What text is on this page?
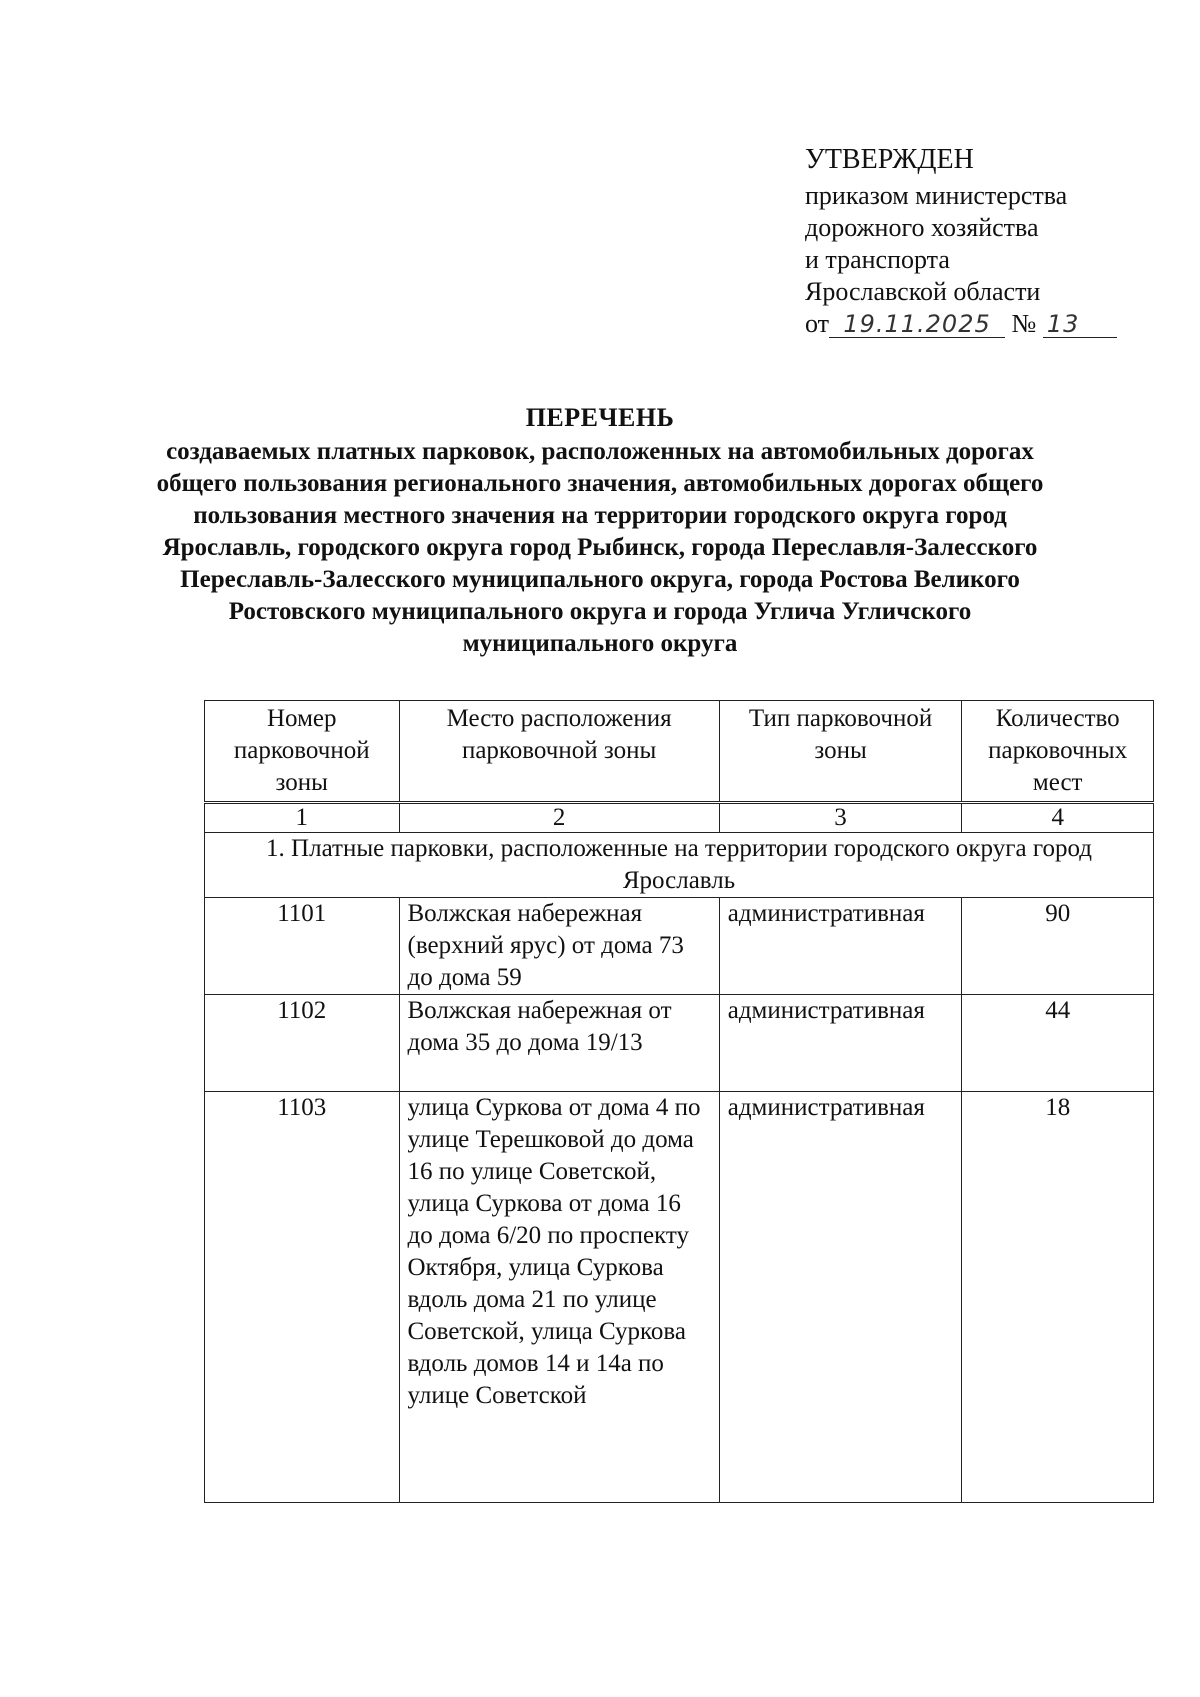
УТВЕРЖДЕН
приказом министерства
дорожного хозяйства
и транспорта
Ярославской области
от 19.11.2025 № 13
ПЕРЕЧЕНЬ
создаваемых платных парковок, расположенных на автомобильных дорогах общего пользования регионального значения, автомобильных дорогах общего пользования местного значения на территории городского округа город Ярославль, городского округа город Рыбинск, города Переславля-Залесского Переславль-Залесского муниципального округа, города Ростова Великого Ростовского муниципального округа и города Углича Угличского муниципального округа
Номер парковочной зоны	Место расположения парковочной зоны	Тип парковочной зоны	Количество парковочных мест
1	2	3	4
1. Платные парковки, расположенные на территории городского округа город Ярославль			
1101	Волжская набережная (верхний ярус) от дома 73 до дома 59	административная	90
1102	Волжская набережная от дома 35 до дома 19/13	административная	44
1103	улица Суркова от дома 4 по улице Терешковой до дома 16 по улице Советской, улица Суркова от дома 16 до дома 6/20 по проспекту Октября, улица Суркова вдоль дома 21 по улице Советской, улица Суркова вдоль домов 14 и 14а по улице Советской	административная	18
